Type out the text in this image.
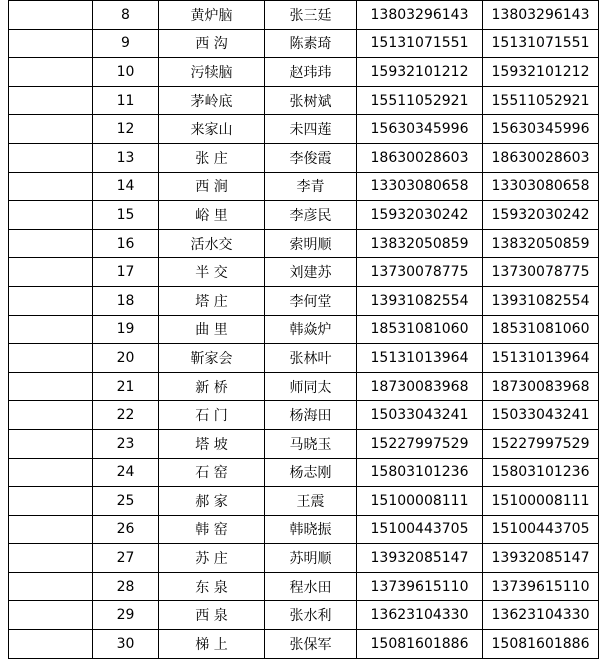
	8	黄炉脑	张三廷	13803296143	13803296143
	9	西 沟	陈素琦	15131071551	15131071551
	10	污犊脑	赵玮玮	15932101212	15932101212
	11	茅岭底	张树斌	15511052921	15511052921
	12	来家山	未四莲	15630345996	15630345996
	13	张 庄	李俊霞	18630028603	18630028603
	14	西 涧	李青	13303080658	13303080658
	15	峪 里	李彦民	15932030242	15932030242
	16	活水交	索明顺	13832050859	13832050859
	17	半 交	刘建苏	13730078775	13730078775
	18	塔 庄	李何堂	13931082554	13931082554
	19	曲 里	韩焱炉	18531081060	18531081060
	20	靳家会	张林叶	15131013964	15131013964
	21	新 桥	师同太	18730083968	18730083968
	22	石 门	杨海田	15033043241	15033043241
	23	塔 坡	马晓玉	15227997529	15227997529
	24	石 窑	杨志刚	15803101236	15803101236
	25	郝 家	王震	15100008111	15100008111
	26	韩 窑	韩晓振	15100443705	15100443705
	27	苏 庄	苏明顺	13932085147	13932085147
	28	东 泉	程水田	13739615110	13739615110
	29	西 泉	张水利	13623104330	13623104330
	30	梯 上	张保军	15081601886	15081601886
